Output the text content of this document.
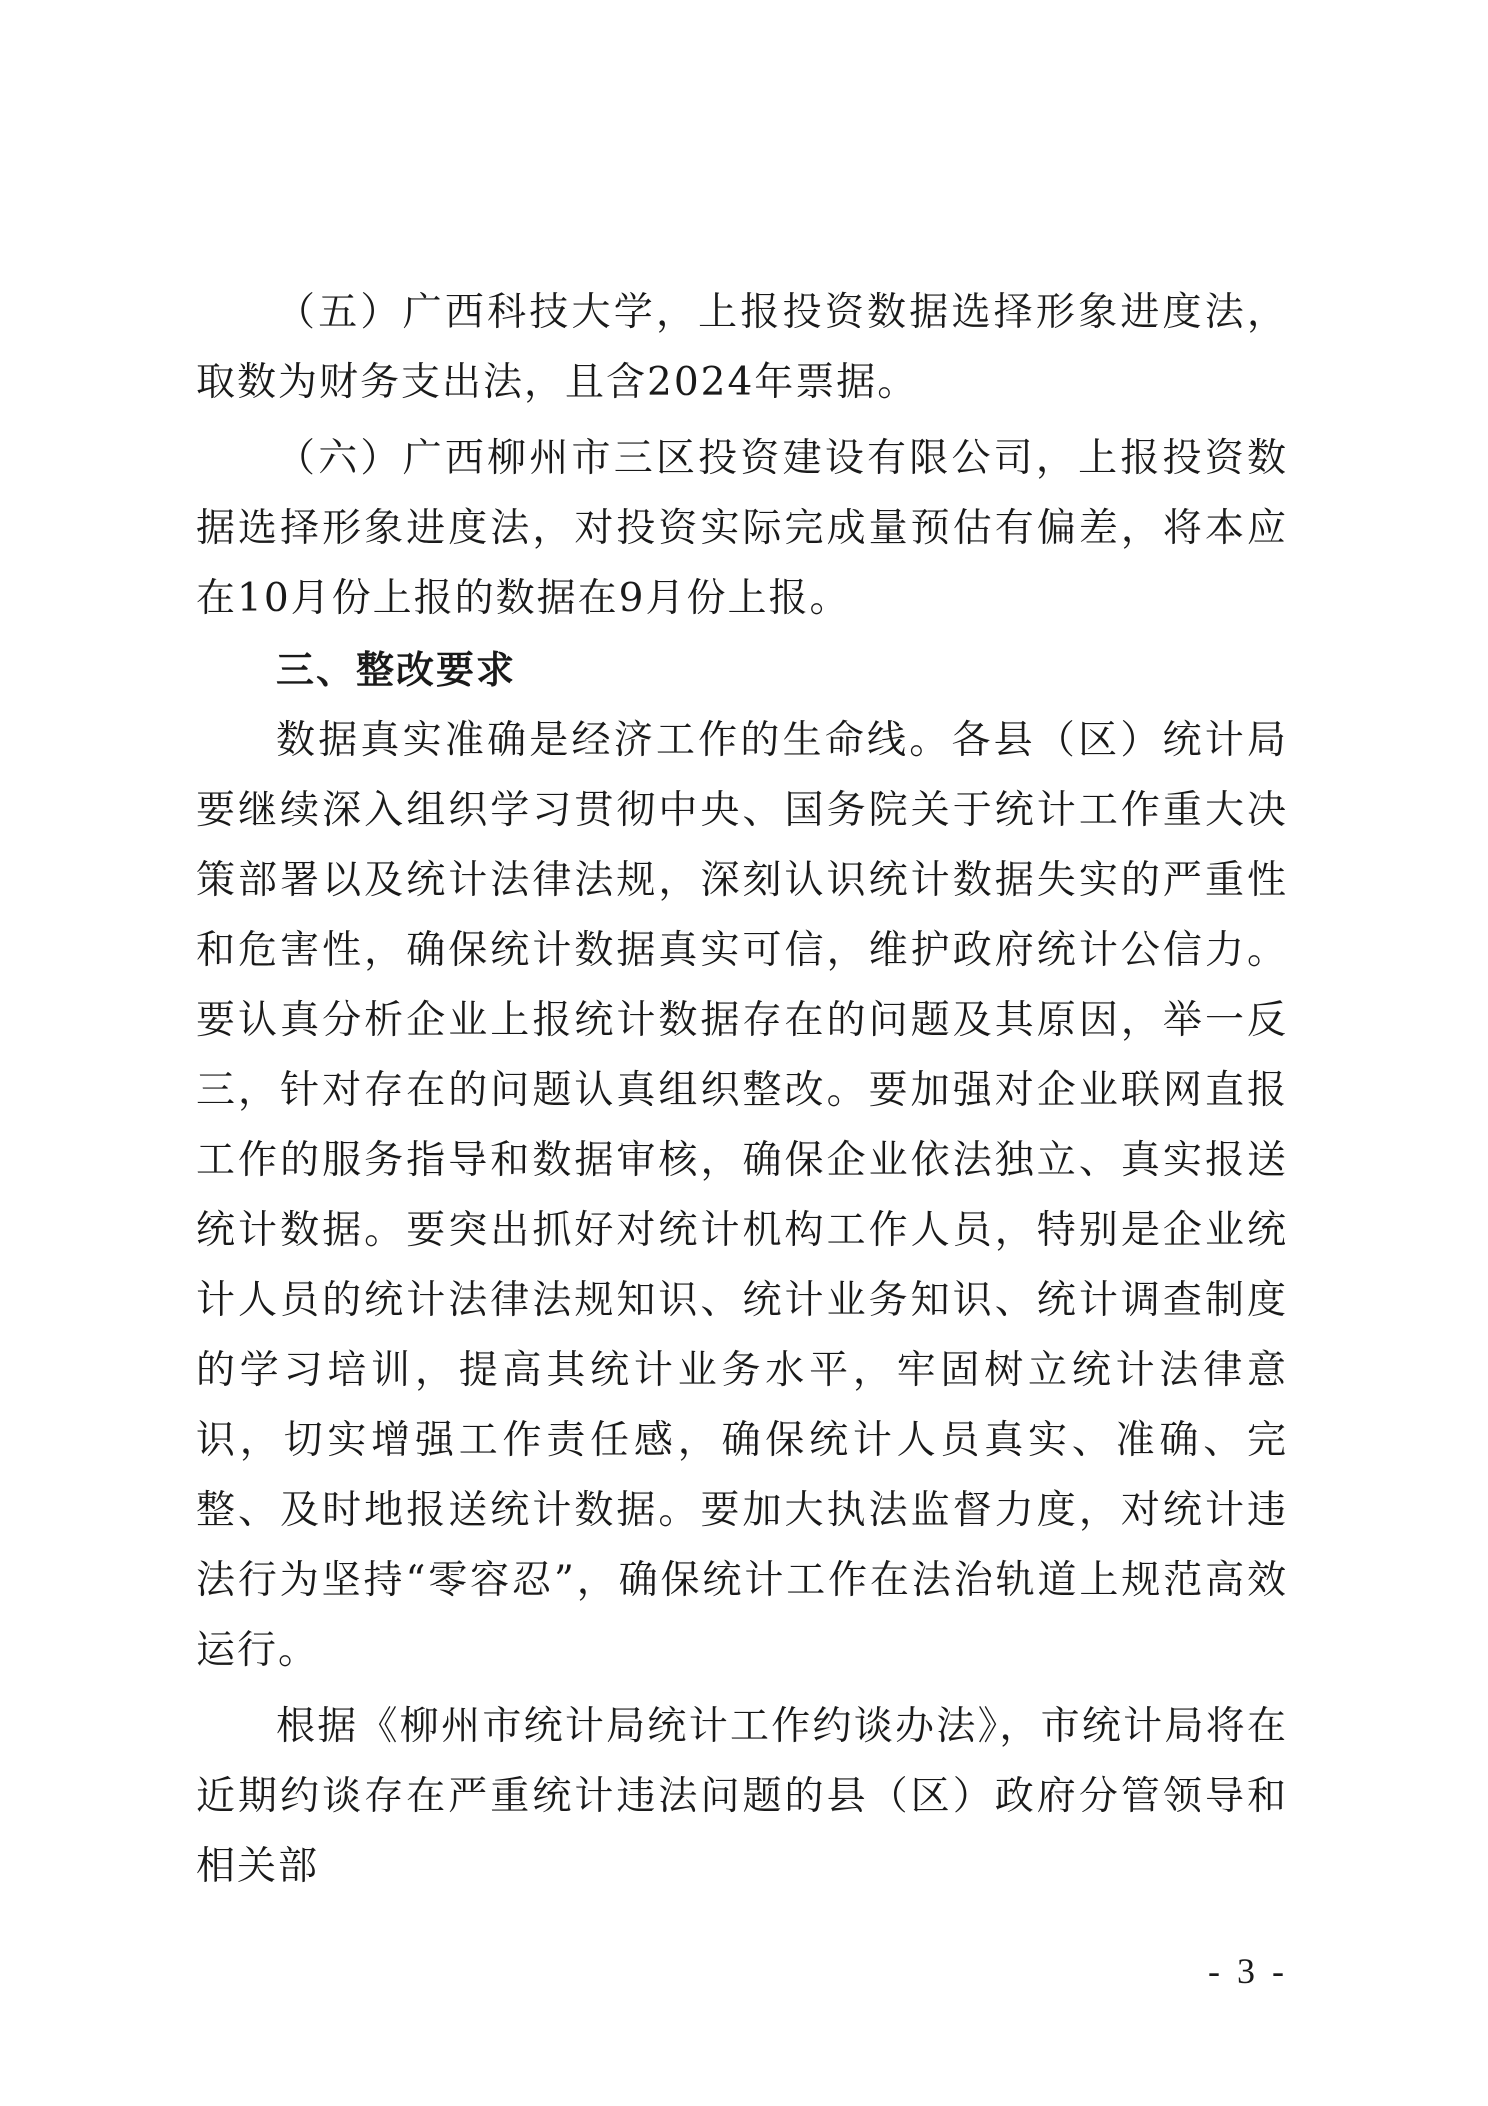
（五）广西科技大学，上报投资数据选择形象进度法，取数为财务支出法，且含2024年票据。

（六）广西柳州市三区投资建设有限公司，上报投资数据选择形象进度法，对投资实际完成量预估有偏差，将本应在10月份上报的数据在9月份上报。

三、整改要求

数据真实准确是经济工作的生命线。各县（区）统计局要继续深入组织学习贯彻中央、国务院关于统计工作重大决策部署以及统计法律法规，深刻认识统计数据失实的严重性和危害性，确保统计数据真实可信，维护政府统计公信力。要认真分析企业上报统计数据存在的问题及其原因，举一反三，针对存在的问题认真组织整改。要加强对企业联网直报工作的服务指导和数据审核，确保企业依法独立、真实报送统计数据。要突出抓好对统计机构工作人员，特别是企业统计人员的统计法律法规知识、统计业务知识、统计调查制度的学习培训，提高其统计业务水平，牢固树立统计法律意识，切实增强工作责任感，确保统计人员真实、准确、完整、及时地报送统计数据。要加大执法监督力度，对统计违法行为坚持“零容忍”，确保统计工作在法治轨道上规范高效运行。

根据《柳州市统计局统计工作约谈办法》，市统计局将在近期约谈存在严重统计违法问题的县（区）政府分管领导和相关部

- 3 -
